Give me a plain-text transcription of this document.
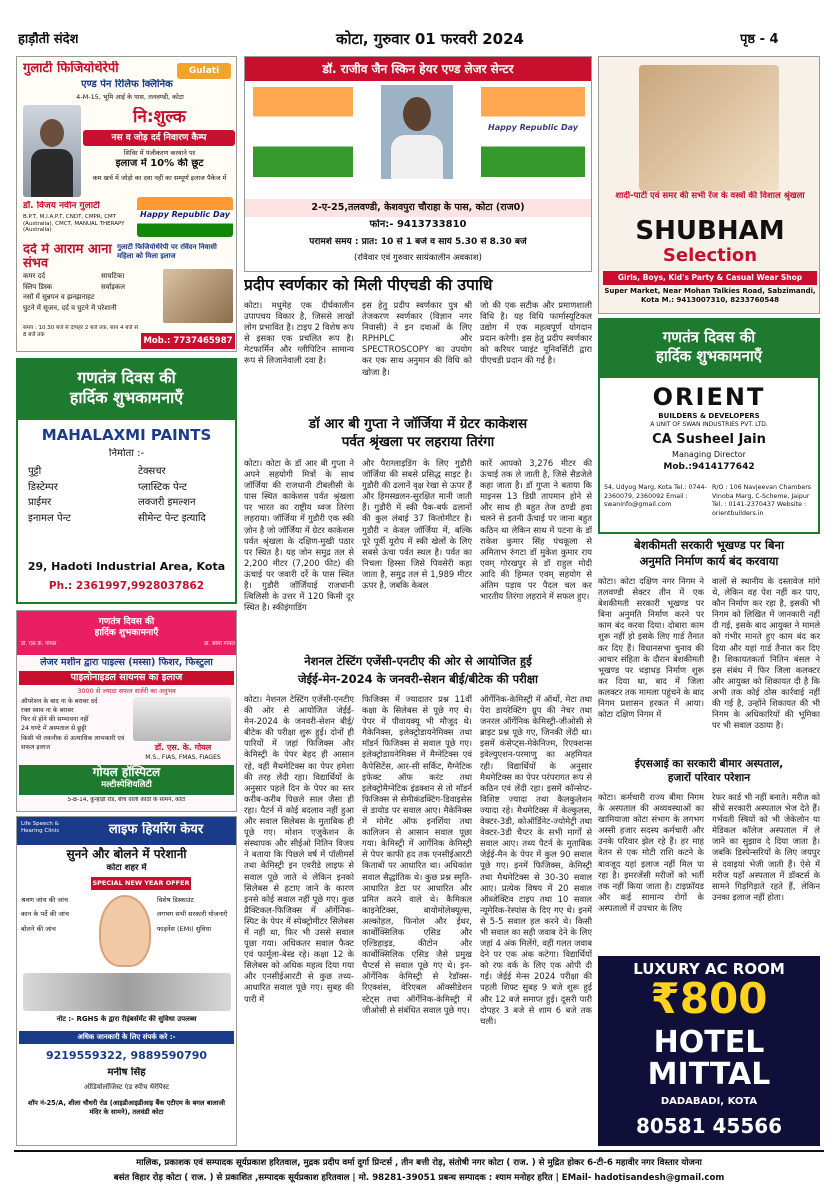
हाड़ौती संदेश	कोटा, गुरुवार 01 फरवरी 2024	पृष्ठ - 4
गुलाटी फिजियोथेरेपी	Gulati
एण्ड पेन रिलिफ क्लिनिक
4-M-15, भूमि आई के पास, तलवण्डी, कोटा
नि:शुल्क
नस व जोड़ दर्द निवारण कैम्प
शिविर में पंजीकरण करवाने पर
इलाज में 10% की छूट
कम खर्च में जोड़ो का दवा नहीं का सम्पूर्ण इलाज पैकेज में
डॉ. विजय नवीन गुलाटी
B.P.T, M.I.A.P.T, CNDT, CMPR, CMT (Australia), CMCT, MANUAL THERAPY (Australia)
Happy Republic Day
दर्द में आराम आना संभव
गुलाटी फिजियोथेरेपी पर रविंदन निवासी महिला को मिला इलाज
कमर दर्द
स्लिप डिस्क
नसों में सुन्नपन व झनझनाहट
घुटने में सूजन, दर्द व घुटने में परेशानी
सायटिका
सर्वाइकल
समय : 10.30 बजे से दोपहर 2 बजे तक, सांय 4 बजे से 8 बजे तक
Mob.: 7737465987
डॉ. राजीव जैन स्किन हेयर एण्ड लेजर सेन्टर
Happy Republic Day
2-ए-25,तलवण्डी, केशवपुरा चौराहा के पास, कोटा (राज0)
फोन:- 9413733810
परामर्श समय : प्रात: 10 से 1 बजे व सायं 5.30 से 8.30 बजे
(रविवार एवं गुरुवार सायंकालीन अवकाश)
शादी-पार्टी एवं समर की सभी रेंज के वस्त्रों की विशाल श्रृंखला
SHUBHAM
Selection
Girls, Boys, Kid's Party & Casual Wear Shop
Super Market, Near Mohan Talkies Road, Sabzimandi, Kota M.: 9413007310, 8233760548
प्रदीप स्वर्णकार को मिली पीएचडी की उपाधि
कोटा। मधुमेह एक दीर्घकालीन उपापचय विकार है, जिससे लाखों लोग प्रभावित है। टाइप 2 विशेष रूप से इसका एक प्रचलित रूप है। मेटफार्मिन और ग्लीपिटिन सामान्य रूप से लिजानेवाली दवा है।
इस हेतु प्रदीप स्वर्णकार पुत्र श्री तेजकरण स्वर्णकार (विज्ञान नगर निवासी) ने इन दवाओं के लिए RPHPLC और SPECTROSCOPY का उपयोग कर एक साथ अनुमान की विधि को खोजा है।
जो की एक सटीक और प्रमाणशाली विधि है। यह विधि फार्मास्यूटिकल उद्योग में एक महत्वपूर्ण योगदान प्रदान करेगी। इस हेतु प्रदीप स्वर्णकार को करियर प्वाइंट यूनिवर्सिटी द्वारा पीएचडी प्रदान की गई है।
गणतंत्र दिवस की
हार्दिक शुभकामनाएँ
MAHALAXMI PAINTS
निर्माता :-
पुट्टी	टेक्सचर
डिस्टेम्पर	प्लास्टिक पेन्ट
प्राईमर	लक्जरी इमल्शन
इनामल पेन्ट	सीमेन्ट पेन्ट इत्यादि
29, Hadoti Industrial Area, Kota
Ph.: 2361997,9928037862
गणतंत्र दिवस की
हार्दिक शुभकामनाएँ
ORIENT
BUILDERS & DEVELOPERS
A UNIT OF SWAN INDUSTRIES PVT. LTD.
CA Susheel Jain
Managing Director
Mob.:9414177642
54, Udyog Marg, Kota Tel.: 0744-2360079, 2360092 Email : swaninfo@gmail.com
R/O : 106 Navjeevan Chambers Vinoba Marg, C-Scheme, Jaipur Tel. : 0141-2370437 Website : orientbuilders.in
डॉ आर बी गुप्ता ने जॉर्जिया में ग्रेटर काकेशस
पर्वत श्रृंखला पर लहराया तिरंगा
कोटा। कोटा के डॉ आर बी गुप्ता ने अपने सहयोगी मित्रों के साथ जॉर्जिया की राजधानी टीबलीसी के पास स्थित काकेशस पर्वत श्रृंखला पर भारत का राष्ट्रीय ध्वज तिरंगा लहराया। जॉर्जिया में गुडौरी एक स्की ज़ोन है जो जॉर्जिया में ग्रेटर काकेशस पर्वत श्रृंखला के दक्षिण-मुखी पठार पर स्थित है। यह जोन समुद्र तल से 2,200 मीटर (7,200 फीट) की ऊंचाई पर जवारी दर्रे के पास स्थित है। गुडौरी जॉर्जियाई राजधानी त्बिलिसी के उत्तर में 120 किमी दूर स्थित है। स्कीइंगाडिंग
और पैराग्लाइडिंग के लिए गुडौरी जॉर्जिया की सबसे प्रसिद्ध साइट है। गुडौरी की ढलानें वृक्ष रेखा से ऊपर हैं और हिमस्खलन-सुरक्षित मानी जाती हैं। गुडौरी में स्की पैक-बर्फ ढलानों की कुल लंबाई 37 किलोमीटर है। गुडौरी न केवल जॉर्जिया में, बल्कि पूरे पूर्वी यूरोप में स्की खेलों के लिए सबसे ऊंचा पर्वत स्थल है। पर्वत का निचला हिस्सा जिसे पिवसेरी कहा जाता है, समुद्र तल से 1,989 मीटर ऊपर है, जबकि केबल
कारें आपको 3,276 मीटर की ऊंचाई तक ले जाती है, जिसे सैडजेले कहा जाता है। डॉ गुप्ता ने बताया कि माइनस 13 डिग्री तापमान होने से और साथ ही बहुत तेज ठण्डी हवा चलने से इतनी ऊँचाई पर जाना बहुत कठिन था लेकिन साथ में पटना के डॉ राकेश कुमार सिंह पंचकूला से अमिताभ रुंगटा डॉ मुकेश कुमार राय एवम् गोरखपुर से डॉ राहुल मोदी आदि की हिम्मत एवम् सहयोग से अंतिम पड़ाव पर पैदल चल कर भारतीय तिरंगा लहराने में सफल हुए।
बेशकीमती सरकारी भूखण्ड पर बिना
अनुमति निर्माण कार्य बंद करवाया
कोटा। कोटा दक्षिण नगर निगम ने तलवण्डी सेक्टर तीन में एक बेशकीमती सरकारी भूखण्ड पर बिना अनुमति निर्माण करने पर काम बंद करवा दिया। दोबारा काम शुरू नहीं हो इसके लिए गार्ड तैनात कर दिए हैं। विधानसभा चुनाव की आचार संहिता के दौरान बेशकीमती भूखण्ड पर धड़ाधड़ निर्माण शुरू कर दिया था, बाद में जिला कलक्टर तक मामला पहुंचने के बाद निगम प्रशासन हरकत में आया। कोटा दक्षिण निगम में
वालों से स्थानीय के दस्तावेज मांगे थे, लेकिन वह पेश नहीं कर पाए, कौन निर्माण कर रहा है, इसकी भी निगम को लिखित में जानकारी नहीं दी गई, इसके बाद आयुक्त ने मामले को गंभीर मानते हुए काम बंद कर दिया और यहां गार्ड तैनात कर दिए हैं। शिकायतकर्ता नितिन बंसल ने इस संबंध में फिर जिला कलक्टर और आयुक्त को शिकायत दी है कि अभी तक कोई ठोस कार्रवाई नहीं की गई है, उन्होंने शिकायत की भी निगम के अधिकारियों की भूमिका पर भी सवाल उठाया है।
गणतंत्र दिवस की
हार्दिक शुभकामनाएँ
डॉ. एस.के. गोयल	डॉ. सीमा गोयल
लेजर मशीन द्वारा पाइल्स (मस्सा) फिशर, फिस्टुला
पाइलोनाइडल सायनस का इलाज
3000 से ज्यादा सफल सर्जरी का अनुभव
ऑपरेशन के बाद ना के बराबर दर्द
रक्त स्त्राव ना के बराबर
फिर से होने की सम्भावना नहीं
24 घण्टे में अस्पताल से छुट्टी
किसी भी तकनीक से अत्याधिक लाभकारी एवं सफल इलाज	डॉ. एस. के. गोयल
M.S., FIAS, FMAS, FIAGES
गोयल हॉस्पिटल
मल्टीस्पेशियलिटी
5-B-14, कुन्हाड़ी रोड, बीच वाली कोठी के सामने, कोटा
नेशनल टेस्टिंग एजेंसी-एनटीए की ओर से आयोजित हुई
जेईई-मेन-2024 के जनवरी-सेशन बीई/बीटेक की परीक्षा
कोटा। नेशनल टेस्टिंग एजेंसी-एनटीए की ओर से आयोजित जेईई-मेन-2024 के जनवरी-सेशन बीई/बीटेक की परीक्षा शुरू हुई। दोनों ही पारियों में जहां फिजिक्स और केमिस्ट्री के पेपर बेहद ही आसान रहे, वहीं मैथमेटिक्स का पेपर हमेशा की तरह लेंदी रहा। विद्यार्थियों के अनुसार पहले दिन के पेपर का स्तर करीब-करीब पिछले साल जैसा ही रहा। पैटर्न में कोई बदलाव नहीं हुआ और सवाल सिलेबस के मुताबिक ही पूछे गए। मोशन एजुकेशन के संस्थापक और सीईओ नितिन विजय ने बताया कि पिछले वर्ष में पॉलीमर्स तथा केमिस्ट्री इन एवरीडे लाइफ से सवाल पूछे जाते थे लेकिन इनको सिलेबस से हटाए जाने के कारण इनसे कोई सवाल नहीं पूछे गए। कुछ प्रैक्टिकल-फिजिक्स में ऑर्गेनिक-स्पिट के पेपर में स्पेक्ट्रोमीटर सिलेबस में नहीं था, फिर भी उससे सवाल पूछा गया। अधिकतर सवाल फैक्ट एवं फार्मूला-बेस्ड रहे। कक्षा 12 के सिलेबस को अधिक महत्व दिया गया और एनसीईआरटी से कुछ तथ्य-आधारित सवाल पूछे गए। सुबह की पारी में
फिजिक्स में ज्यादातर प्रश्न 11वीं कक्षा के सिलेबस से पूछे गए थे। पेपर में पीवायक्यू भी मौजूद थे। मैकेनिक्स, इलेक्ट्रोडायनेमिक्स तथा मॉडर्न फिजिक्स से सवाल पूछे गए। इलेक्ट्रोडायनेमिक्स में मैग्नेटिक्स एवं कैपेसिटेंस, आर-सी सर्किट, मैग्नेटिक इफेक्ट ऑफ करंट तथा इलेक्ट्रोमैग्नेटिक इंडक्शन से तो मॉडर्न फिजिक्स से सेमीकंडक्टिंग-डिवाइसेस से डायोड पर सवाल आए। मैकेनिक्स में मोमेंट ऑफ इनर्शिया तथा कालिजन से आसान सवाल पूछा गया। केमिस्ट्री में आर्गेनिक केमिस्ट्री से पेपर काफी हद तक एनसीईआरटी किताबों पर आधारित था। अधिकांश सवाल सैद्धांतिक थे। कुछ प्रश्न स्मृति-आधारित डेटा पर आधारित और प्रमित करने वाले थे। कैमिकल काइनेटिक्स, बायोमोलेक्यूल्स, अल्कोहल, फिनोल और ईथर, कार्बोक्सिलिक एसिड और एल्डिहाइड, कीटोन और कार्बोक्सिलिक एसिड जैसे प्रमुख चैप्टर्स से सवाल पूछे गए थे। इन-ऑर्गेनिक केमिस्ट्री से रेडॉक्स-रिएक्शंस, वेरिएबल ऑक्सीडेशन स्टेट्स तथा ऑर्गेनिक-केमिस्ट्री में जीओसी से संबंधित सवाल पूछे गए।
ऑर्गेनिक-केमिस्ट्री में ऑर्थो, मेटा तथा पेरा डायरेक्टिंग ग्रुप की नेचर तथा जनरल ऑर्गेनिक केमिस्ट्री-जीओसी से ब्राइट प्रश्न पूछे गए, जिनकी लेंदी था। इसमें कंसेप्ट्स-मेकेनिज्म, रिएक्शन्स इवेल्युएशन-परमाणु का अहमियत रही। विद्यार्थियों के अनुसार मैथमेटिक्स का पेपर परंपरागत रूप से कठिन एवं लेंदी रहा। इसमें कॉन्सेप्ट-विशिष्ट ज्यादा तथा कैलकुलेशन ज्यादा रहे। मैथमेटिक्स में केल्कुलस, वेक्टर-3डी, कोऑर्डिनेट-ज्योमेट्री तथा वेक्टर-3डी चैप्टर के सभी मार्गों से सवाल आए। तथ्य पैटर्न के मुताबिक जेईई-मैन के पेपर में कुल 90 सवाल पूछे गए। इनमें फिजिक्स, केमिस्ट्री तथा मैथमेटिक्स से 30-30 सवाल आए। प्रत्येक विषय में 20 सवाल ऑब्जेक्टिव टाइप तथा 10 सवाल न्यूमेरिक-रेस्पांस के दिए गए थे। इनमें से 5-5 सवाल हल करने थे। किसी भी सवाल का सही जवाब देने के लिए जहां 4 अंक मिलेंगे, वहीं गलत जवाब देने पर एक अंक कटेगा। विद्यार्थियों को रफ वर्क के लिए एक ओपी दी गई। जेईई मेन्स 2024 परीक्षा की पहली शिफ्ट सुबह 9 बजे शुरू हुई और 12 बजे समाप्त हुई। दूसरी पारी दोपहर 3 बजे से शाम 6 बजे तक चली।
ईएसआई का सरकारी बीमार अस्पताल,
हजारों परिवार परेशान
कोटा। कर्मचारी राज्य बीमा निगम के अस्पताल की अव्यवस्थाओं का खामियाजा कोटा संभाग के लगभग अस्सी हजार सदस्य कर्मचारी और उनके परिवार झेल रहे हैं। हर माह वेतन से एक मोटी राशि कटने के बावजूद यहां इलाज नहीं मिल पा रहा है। इमरजेंसी मरीजों को भर्ती तक नहीं किया जाता है। टाइफ़ॉयड और कई सामान्य रोगों के अस्पतालों में उपचार के लिए
रेफर कार्ड भी नहीं बनाते। मरीज को सीधे सरकारी अस्पताल भेज देते हैं। गर्भवती स्त्रियों को भी जेकेलोन या मेडिकल कॉलेज अस्पताल में ले जाने का सुझाव दे दिया जाता है। जबकि डिस्पेन्सरियों के लिए जयपुर से दवाइयां भेजी जाती हैं। ऐसे में मरीज यहाँ अस्पताल में डॉक्टर्स के सामने गिड़गिड़ाते रहते हैं, लेकिन उनका इलाज नहीं होता।
Life Speech & Hearing Clinic	लाइफ हियरिंग केयर
सुनने और बोलने में परेशानी
कोटा शहर में
SPECIAL NEW YEAR OFFER
श्रवण जांच की जांच
कान के पर्दे की जांच
बोलने की जांच
विशेष डिस्काउंट
लगभग सभी सरकारी योजनाएँ
फाइनेंस (EMI) सुविधा
नोट :- RGHS के द्वारा रीइंबर्समेंट की सुविधा उपलब्ध
अधिक जानकारी के लिए संपर्क करे :-
9219559322, 9889590790
मनीष सिंह
ऑडियोलॉजिस्ट एंड स्पीच थैरेपिस्ट
शॉप नं-25/A, शीला चौधरी रोड (आइडीआइडीआइ बैंक एटीएम के बगल बालाजी मंदिर के सामने), तलवंडी कोटा
LUXURY AC ROOM
₹800
HOTEL
MITTAL
DADABADI, KOTA
80581 45566
मालिक, प्रकाशक एवं सम्पादक सूर्यप्रकाश हरितवाल, मुद्रक प्रदीप वर्मा दुर्गा प्रिन्टर्स , तीन बत्ती रोड़, संतोषी नगर कोटा ( राज. ) से मुद्रित होकर 6-टी-6 महावीर नगर विस्तार योजना
बसंत विहार रोड़ कोटा ( राज. ) से प्रकाशित ,सम्पादक सूर्यप्रकाश हरितवाल | मो. 98281-39051 प्रबन्ध सम्पादक : श्याम मनोहर हरित | EMail- hadotisandesh@gmail.com
